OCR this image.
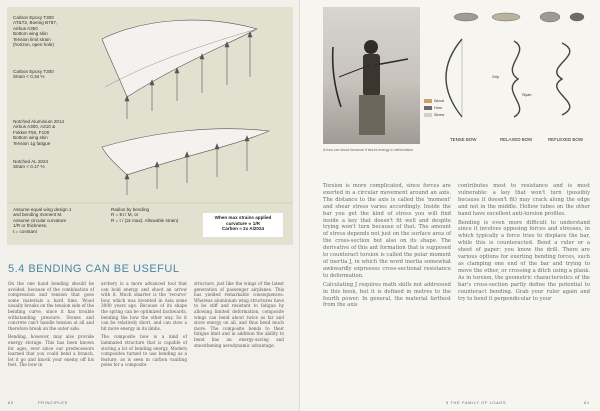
Carbon Epoxy T300
AT&T2, Boeing B787,
Airbus A350
Bottom wing skin
Tension limit strain
(horizon, open hole)
Carbon Epoxy T300
Strain < 0.34 %
Notched Aluminium 2014
Airbus A300, A310 &
Fokker F50, F100
Bottom wing skin
Tension 1g fatigue
Notched AL 2024
Strain < 0.17 %
Assume equal wing design 1
and bending moment M.
Assume circular curvature
1/R or thickness,
t = constant
Radius by bending
R = EI / M, or
R = t / (2ε max). Allowable strain)
When max strains applied
curvature ∝ 1/R
Carbon ≈ 2x Al2024
5.4 BENDING CAN BE USEFUL

On the one hand bending should be avoided, because of the combination of compression and tension that goes some materials a hard time. Wood usually breaks on the tension side of the bending curve, since it has trouble withstanding pressure. Stones and concrete can't handle tension at all and therefore break on the outer side.

Bending, however, may also provide energy storage. This has been known for ages, ever since our predecessors learned that you could bend a branch, let it go and knock your enemy off his feet. The bow in

archery is a more advanced tool that can hold energy and shoot an arrow with it. Much smarter is the 'recurve' bow, which was invented in Asia some 3000 years ago. Because of its shape the spring can be optimized backwards, bending the bow the other way. So it can be relatively short, and can stow a bit more energy in its limbs.

The composite bow is a kind of laminated structure that is capable of storing a lot of bending energy. Modern composites turned to use bending as a feature, as is seen in carbon vaulting poles for a composite

structure, just like the wings of the latest generation of passenger airplanes. This has yielded remarkable consequences. Whereas aluminium wing structures have to be stiff and resistant to fatigue by allowing limited deformation, composite wings can bend about twice as far and store energy on all, and thus bend much more. The composite bends to their fatigue limit and in addition the ability to bend has an energy-saving and smoothening aerodynamic advantage.

80	PRINCIPLES
A bow can shoot because it stores energy in deformation
Wood
Horn
Sinew
Grip
Siyah
TENSE BOW	RELAXED BOW	REFLEXED BOW

Torsion is more complicated, since forces are exerted in a circular movement around an axis. The distance to the axis is called the 'moment' and shear stress varies accordingly. Inside the bar you get the kind of stress you will find inside a key that doesn't fit well and despite trying won't turn because of that. The amount of stress depends not just on the surface area of the cross-section but also on its shape. The derivative of this ant formation that is supposed to counteract torsion is called the polar moment of inertia J, in which the word inertia somewhat awkwardly expresses cross-sectional resistance to deformation.

Calculating J requires math skills not addressed in this book, but it is defined in metres to the fourth power. In general, the material farthest from the axis

contributes most to resistance and is most vulnerable: a key that won't turn (possibly because it doesn't fit) may crack along the edge and not in the middle. Hollow tubes on the other hand have excellent anti-torsion profiles.

Bending is even more difficult to understand since it involves opposing forces and stresses, in which typically a force tries to displace the bar, while this is counteracted. Bend a ruler or a sheet of paper: you know the drill. There are various options for exerting bending forces, such as clamping one end of the bar and trying to move the other, or crossing a ditch using a plank. As in torsion, the geometric characteristics of the bar's cross-section partly define the potential to counteract bending. Grab your ruler again and try to bend it perpendicular to your

5 THE FAMILY OF LOADS	81
